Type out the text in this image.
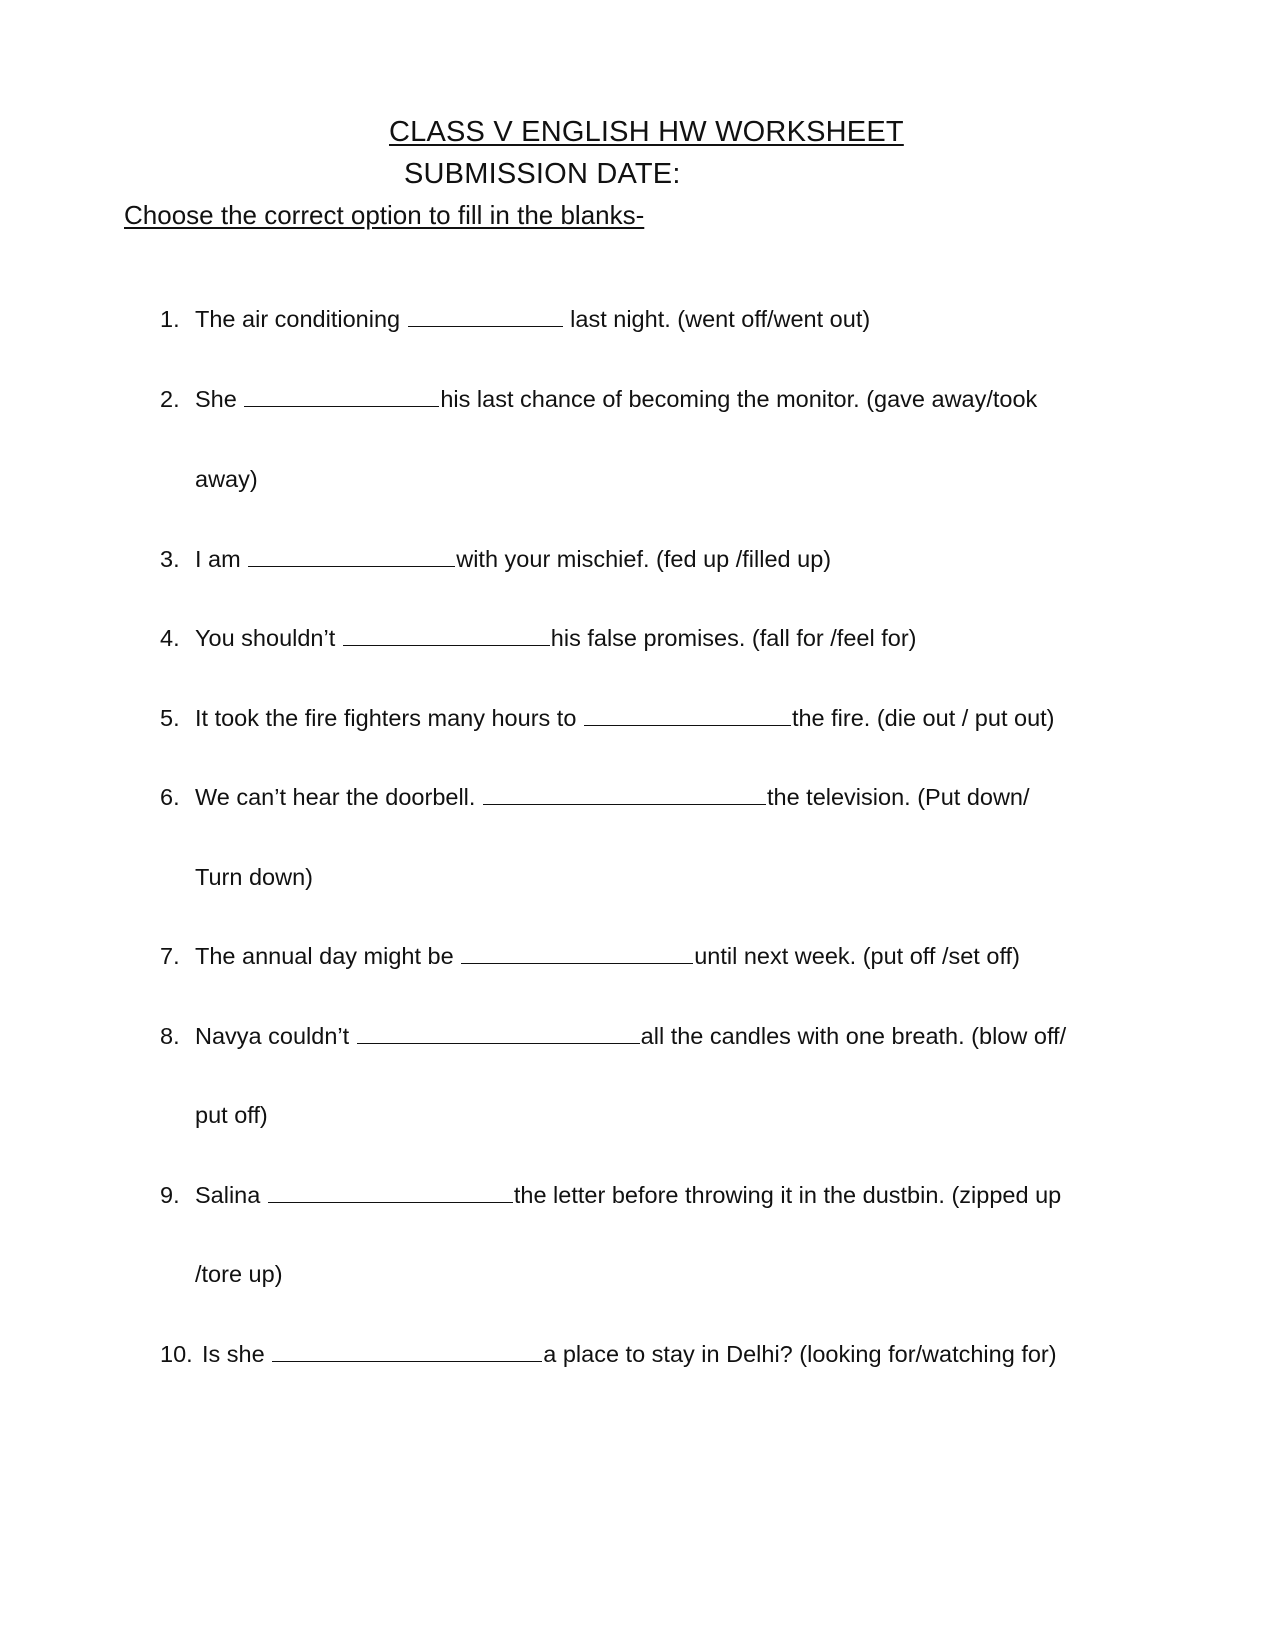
CLASS V ENGLISH HW WORKSHEET
SUBMISSION DATE:
Choose the correct option to fill in the blanks-
1. The air conditioning	last night. (went off/went out)
2. She	his last chance of becoming the monitor. (gave away/took
away)
3. I am	with your mischief. (fed up /filled up)
4. You shouldn’t	his false promises. (fall for /feel for)
5. It took the fire fighters many hours to	the fire. (die out / put out)
6. We can’t hear the doorbell.	the television. (Put down/
Turn down)
7. The annual day might be	until next week. (put off /set off)
8. Navya couldn’t	all the candles with one breath. (blow off/
put off)
9. Salina	the letter before throwing it in the dustbin. (zipped up
/tore up)
10. Is she	a place to stay in Delhi? (looking for/watching for)
